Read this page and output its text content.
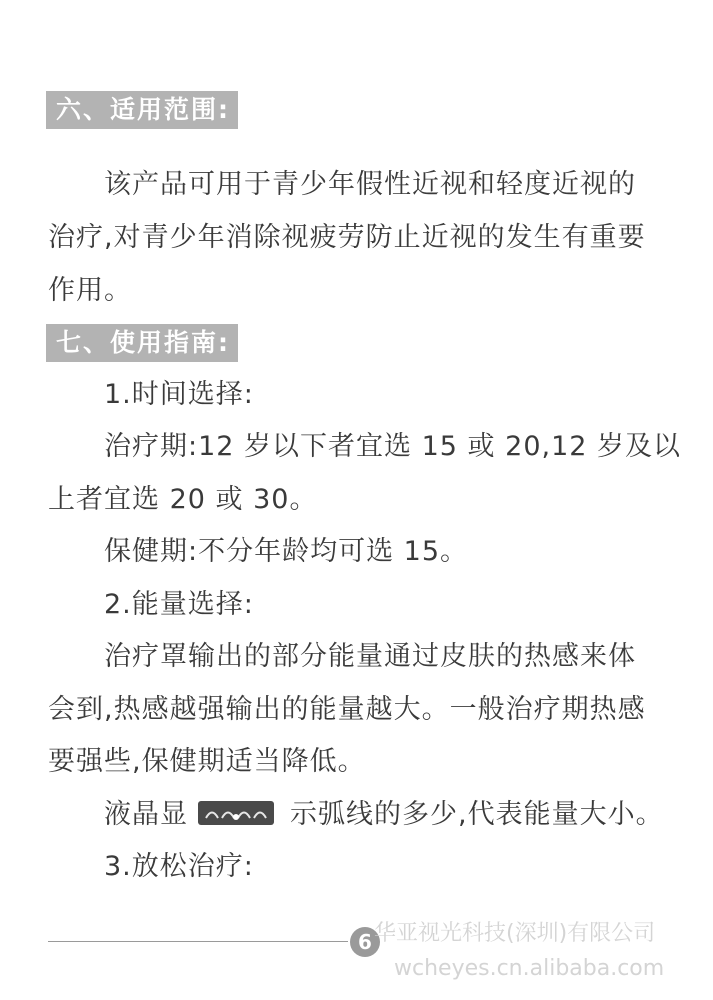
六、适用范围:
该产品可用于青少年假性近视和轻度近视的
治疗,对青少年消除视疲劳防止近视的发生有重要
作用。
七、使用指南:
1.时间选择:
治疗期:12 岁以下者宜选 15 或 20,12 岁及以
上者宜选 20 或 30。
保健期:不分年龄均可选 15。
2.能量选择:
治疗罩输出的部分能量通过皮肤的热感来体
会到,热感越强输出的能量越大。一般治疗期热感
要强些,保健期适当降低。
液晶显	示弧线的多少,代表能量大小。
3.放松治疗:
6 华亚视光科技(深圳)有限公司
wcheyes.cn.alibaba.com
